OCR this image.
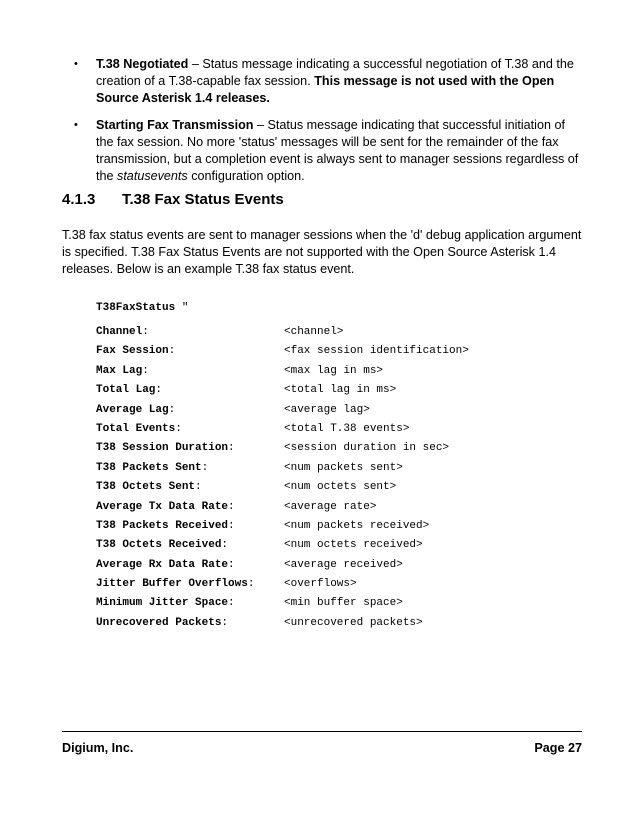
• T.38 Negotiated – Status message indicating a successful negotiation of T.38 and the creation of a T.38-capable fax session. This message is not used with the Open Source Asterisk 1.4 releases.
• Starting Fax Transmission – Status message indicating that successful initiation of the fax session. No more 'status' messages will be sent for the remainder of the fax transmission, but a completion event is always sent to manager sessions regardless of the statusevents configuration option.
4.1.3 T.38 Fax Status Events
T.38 fax status events are sent to manager sessions when the 'd' debug application argument is specified. T.38 Fax Status Events are not supported with the Open Source Asterisk 1.4 releases. Below is an example T.38 fax status event.
T38FaxStatus "
Channel:	<channel>
Fax Session:	<fax session identification>
Max Lag:	<max lag in ms>
Total Lag:	<total lag in ms>
Average Lag:	<average lag>
Total Events:	<total T.38 events>
T38 Session Duration:	<session duration in sec>
T38 Packets Sent:	<num packets sent>
T38 Octets Sent:	<num octets sent>
Average Tx Data Rate:	<average rate>
T38 Packets Received:	<num packets received>
T38 Octets Received:	<num octets received>
Average Rx Data Rate:	<average received>
Jitter Buffer Overflows:	<overflows>
Minimum Jitter Space:	<min buffer space>
Unrecovered Packets:	<unrecovered packets>
Digium, Inc.	Page 27
